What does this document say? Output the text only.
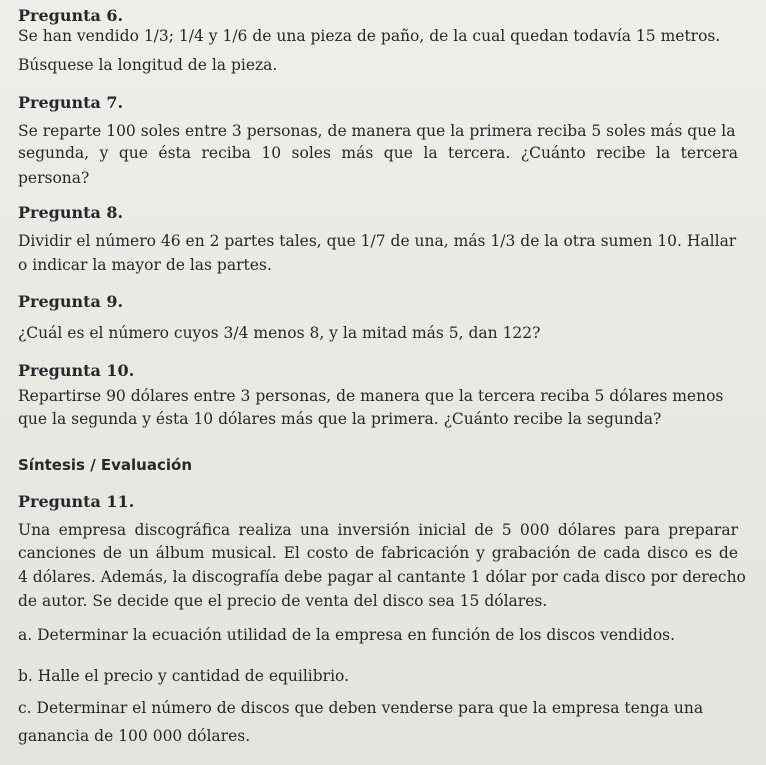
Pregunta 6.
Se han vendido 1/3; 1/4 y 1/6 de una pieza de paño, de la cual quedan todavía 15 metros.
Búsquese la longitud de la pieza.
Pregunta 7.
Se reparte 100 soles entre 3 personas, de manera que la primera reciba 5 soles más que la
segunda, y que ésta reciba 10 soles más que la tercera. ¿Cuánto recibe la tercera
persona?
Pregunta 8.
Dividir el número 46 en 2 partes tales, que 1/7 de una, más 1/3 de la otra sumen 10. Hallar
o indicar la mayor de las partes.
Pregunta 9.
¿Cuál es el número cuyos 3/4 menos 8, y la mitad más 5, dan 122?
Pregunta 10.
Repartirse 90 dólares entre 3 personas, de manera que la tercera reciba 5 dólares menos
que la segunda y ésta 10 dólares más que la primera. ¿Cuánto recibe la segunda?
Síntesis / Evaluación
Pregunta 11.
Una empresa discográfica realiza una inversión inicial de 5 000 dólares para preparar
canciones de un álbum musical. El costo de fabricación y grabación de cada disco es de
4 dólares. Además, la discografía debe pagar al cantante 1 dólar por cada disco por derecho
de autor. Se decide que el precio de venta del disco sea 15 dólares.
a. Determinar la ecuación utilidad de la empresa en función de los discos vendidos.
b. Halle el precio y cantidad de equilibrio.
c. Determinar el número de discos que deben venderse para que la empresa tenga una
ganancia de 100 000 dólares.
